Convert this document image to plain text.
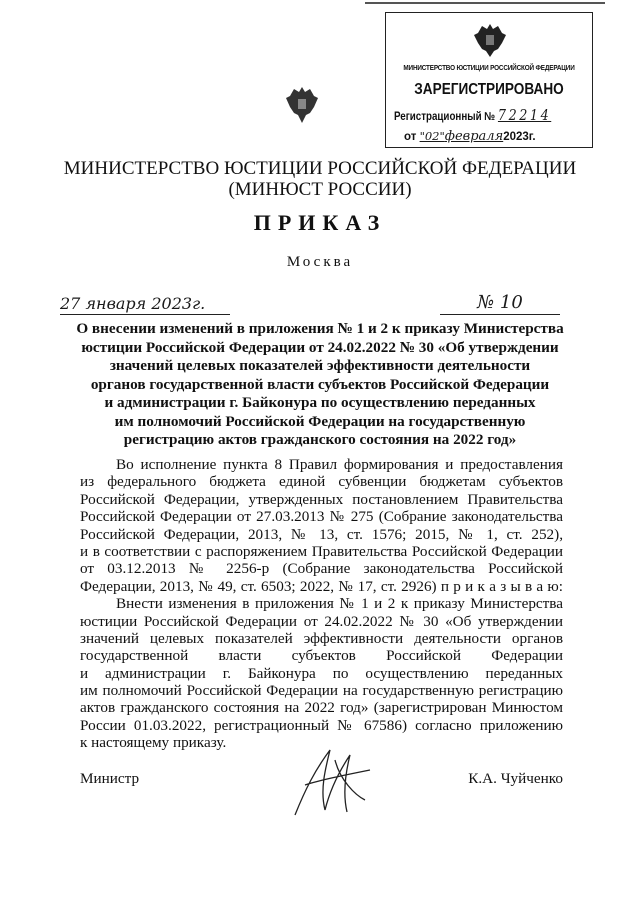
МИНИСТЕРСТВО ЮСТИЦИИ РОССИЙСКОЙ ФЕДЕРАЦИИ
ЗАРЕГИСТРИРОВАНО
Регистрационный № 72214
от "02"февраля2023г.
МИНИСТЕРСТВО ЮСТИЦИИ РОССИЙСКОЙ ФЕДЕРАЦИИ
(МИНЮСТ РОССИИ)
ПРИКАЗ
Москва
27 января 2023г.	№ 10
О внесении изменений в приложения № 1 и 2 к приказу Министерства
юстиции Российской Федерации от 24.02.2022 № 30 «Об утверждении
значений целевых показателей эффективности деятельности
органов государственной власти субъектов Российской Федерации
и администрации г. Байконура по осуществлению переданных
им полномочий Российской Федерации на государственную
регистрацию актов гражданского состояния на 2022 год»
Во исполнение пункта 8 Правил формирования и предоставления
из федерального бюджета единой субвенции бюджетам субъектов
Российской Федерации, утвержденных постановлением Правительства
Российской Федерации от 27.03.2013 № 275 (Собрание законодательства
Российской Федерации, 2013, № 13, ст. 1576; 2015, № 1, ст. 252),
и в соответствии с распоряжением Правительства Российской Федерации
от 03.12.2013 № 2256-р (Собрание законодательства Российской
Федерации, 2013, № 49, ст. 6503; 2022, № 17, ст. 2926) п р и к а з ы в а ю:
Внести изменения в приложения № 1 и 2 к приказу Министерства
юстиции Российской Федерации от 24.02.2022 № 30 «Об утверждении
значений целевых показателей эффективности деятельности органов
государственной власти субъектов Российской Федерации
и администрации г. Байконура по осуществлению переданных
им полномочий Российской Федерации на государственную регистрацию
актов гражданского состояния на 2022 год» (зарегистрирован Минюстом
России 01.03.2022, регистрационный № 67586) согласно приложению
к настоящему приказу.
Министр	К.А. Чуйченко
